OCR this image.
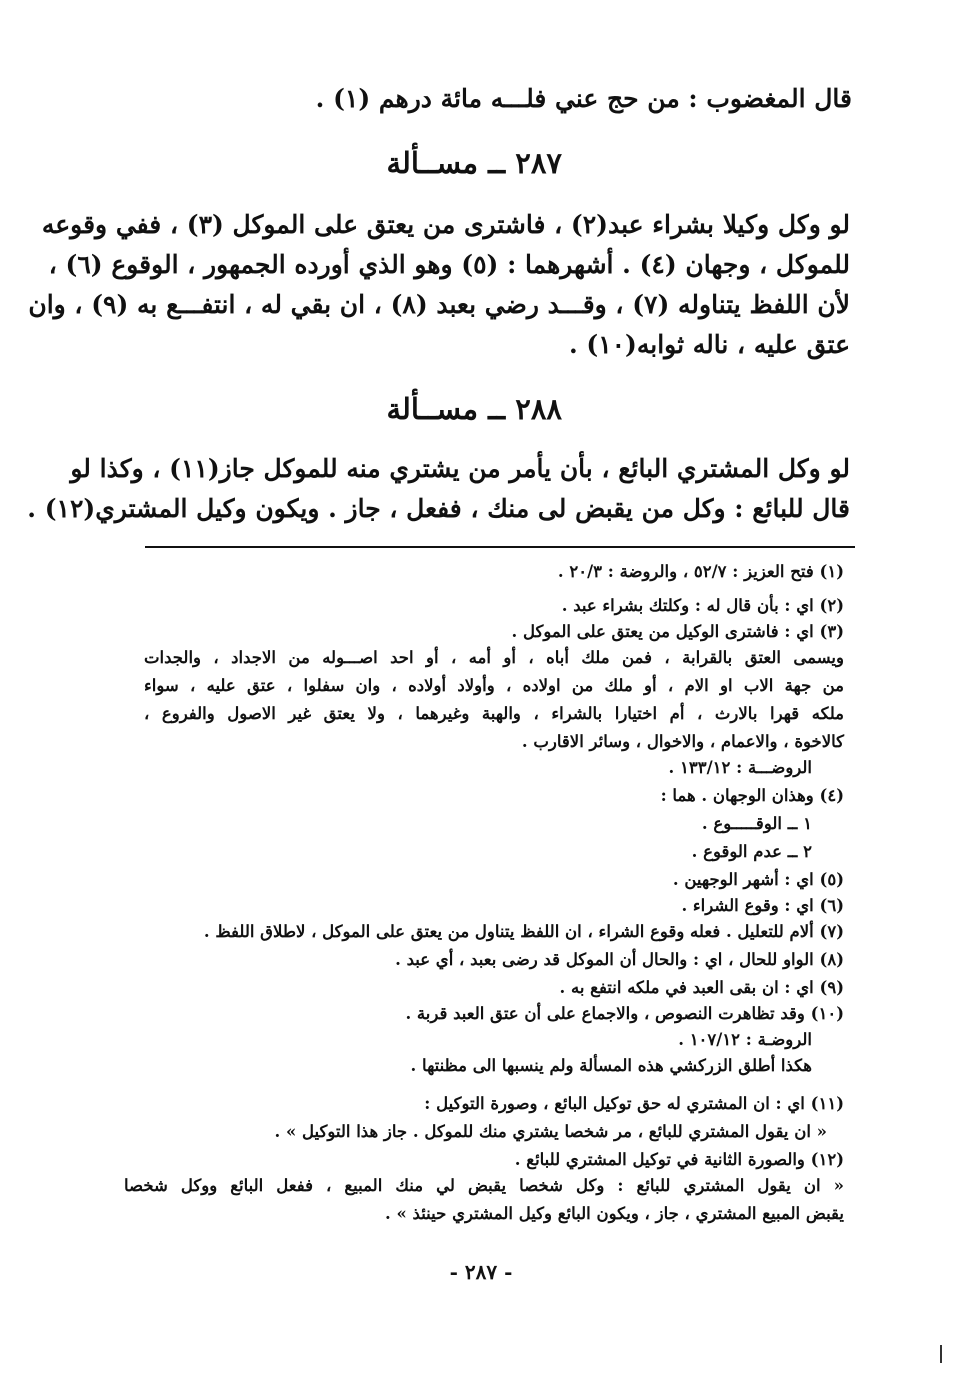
قال المغضوب : من حج عني فلـــه مائة درهم (١) .
٢٨٧ ــ مســألة
لو وكل وكيلا بشراء عبد(٢) ، فاشترى من يعتق على الموكل (٣) ، ففي وقوعه
للموكل ، وجهان (٤) . أشهرهما : (٥) وهو الذي أورده الجمهور ، الوقوع (٦) ،
لأن اللفظ يتناوله (٧) ، وقـــد رضي بعبد (٨) ، ان بقي له ، انتفـــع به (٩) ، وان
عتق عليه ، ناله ثوابه(١٠) .
٢٨٨ ــ مســألة
لو وكل المشتري البائع ، بأن يأمر من يشتري منه للموكل جاز(١١) ، وكذا لو
قال للبائع : وكل من يقبض لى منك ، ففعل ، جاز . ويكون وكيل المشتري(١٢) .
(١) فتح العزيز : ٥٢/٧ ، والروضة : ٢٠/٣ .
(٢) اي : بأن قال له : وكلتك بشراء عبد .
(٣) اي : فاشترى الوكيل من يعتق على الموكل .
ويسمى العتق بالقرابة ، فمن ملك أباه ، أو أمه ، أو احد اصـــوله من الاجداد ، والجدات
من جهة الاب او الام ، أو ملك من اولاده ، وأولاد أولاده ، وان سفلوا ، عتق عليه ، سواء
ملكه قهرا بالارث ، أم اختيارا بالشراء ، والهبة وغيرهما ، ولا يعتق غير الاصول والفروع ،
كالاخوة ، والاعمام ، والاخوال ، وسائر الاقارب .
الروضـــة : ١٣٣/١٢ .
(٤) وهذان الوجهان . هما :
١ ــ الوقـــــوع .
٢ ــ عدم الوقوع .
(٥) اي : أشهر الوجهين .
(٦) اي : وقوع الشراء .
(٧) ألام للتعليل . فعله وقوع الشراء ، ان اللفظ يتناول من يعتق على الموكل ، لاطلاق اللفظ .
(٨) الواو للحال ، اي : والحال أن الموكل قد رضى بعبد ، أي عبد .
(٩) اي : ان بقى العبد في ملكه انتفع به .
(١٠) وقد تظاهرت النصوص ، والاجماع على أن عتق العبد قربة .
الروضـة : ١٠٧/١٢ .
هكذا أطلق الزركشي هذه المسألة ولم ينسبها الى مظنتها .
(١١) اي : ان المشتري له حق توكيل البائع ، وصورة التوكيل :
« ان يقول المشتري للبائع ، مر شخصا يشتري منك للموكل . جاز هذا التوكيل » .
(١٢) والصورة الثانية في توكيل المشتري للبائع .
« ان يقول المشتري للبائع : وكل شخصا يقبض لي منك المبيع ، ففعل البائع ووكل شخصا
يقبض المبيع المشتري ، جاز ، ويكون البائع وكيل المشتري حينئذ » .
- ٢٨٧ -
